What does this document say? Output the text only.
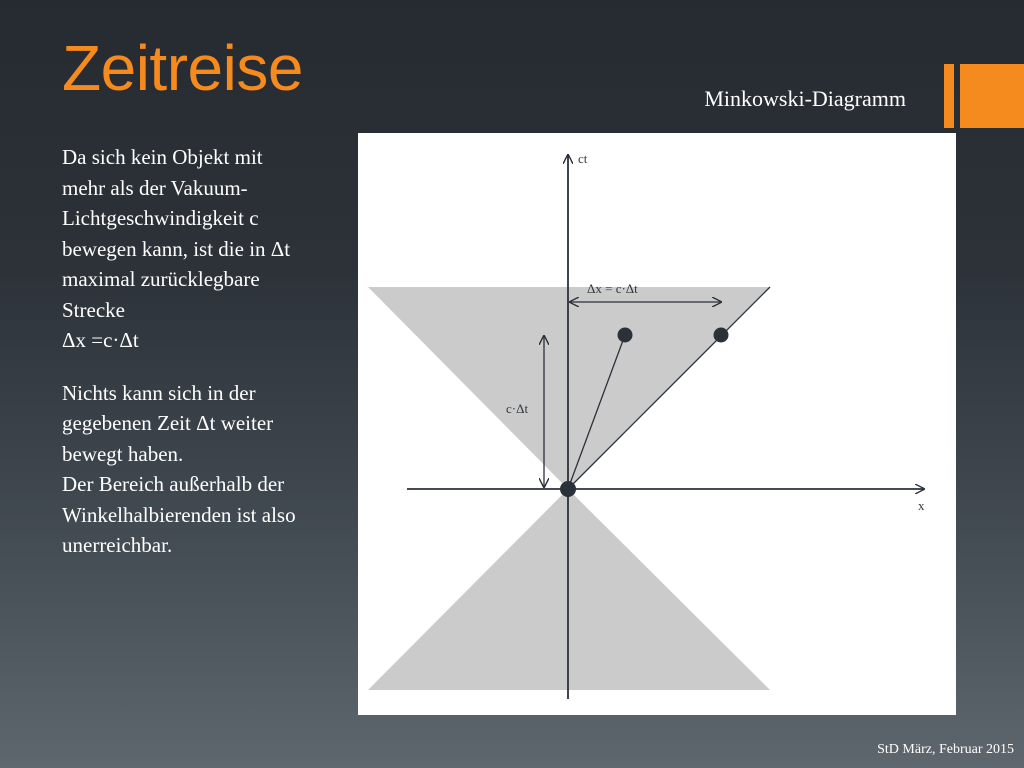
Zeitreise	Minkowski-Diagramm
Da sich kein Objekt mit
mehr als der Vakuum-
Lichtgeschwindigkeit c
bewegen kann, ist die in Δt
maximal zurücklegbare
Strecke
Δx =c·Δt
Nichts kann sich in der
gegebenen Zeit Δt weiter
bewegt haben.
Der Bereich außerhalb der
Winkelhalbierenden ist also
unerreichbar.
ct
x
Δx = c·Δt
c·Δt
StD März, Februar 2015
